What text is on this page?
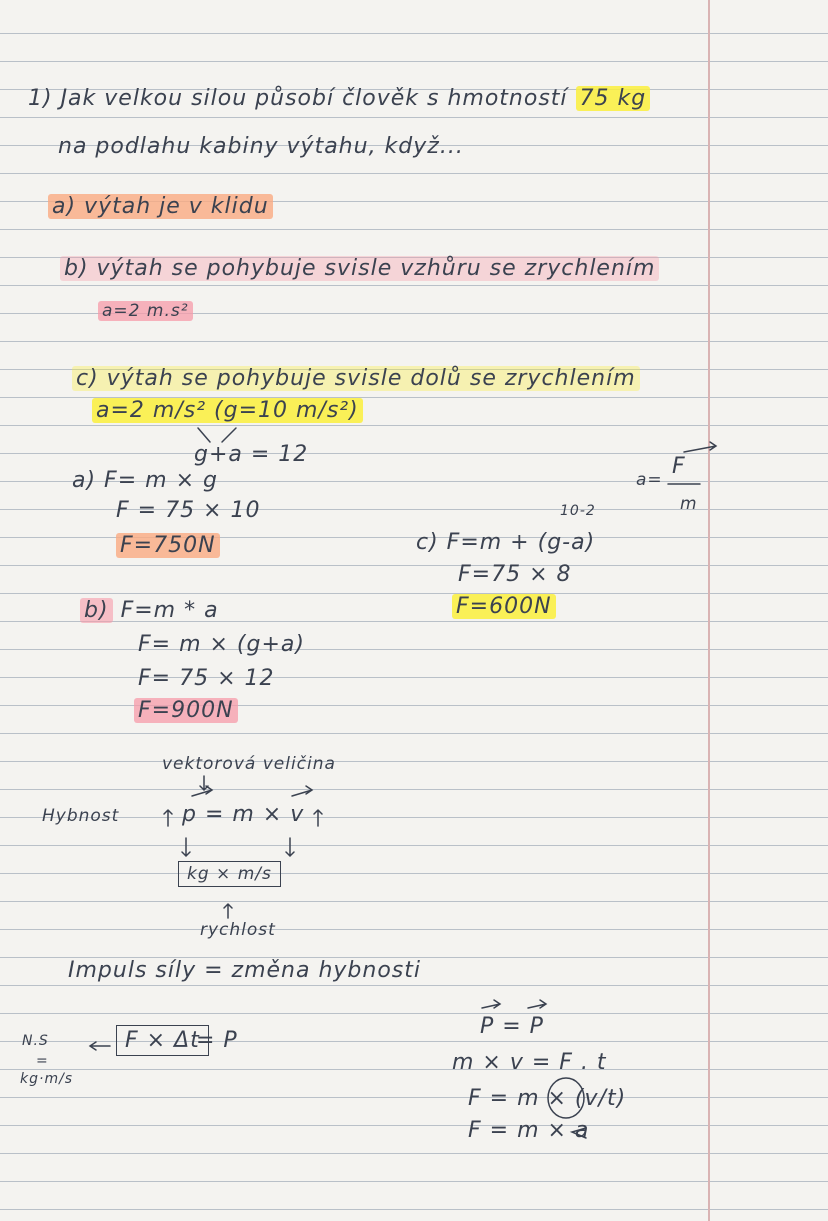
1) Jak velkou silou působí člověk s hmotností 75 kg
na podlahu kabiny výtahu, když...
a) výtah je v klidu
b) výtah se pohybuje svisle vzhůru se zrychlením
a=2 m.s²
c) výtah se pohybuje svisle dolů se zrychlením
a=2 m/s² (g=10 m/s²)
g+a = 12
a) F= m × g
F = 75 × 10
F=750N
a=
F
m
10-2
c) F=m + (g-a)
F=75 × 8
F=600N
b) F=m * a
F= m × (g+a)
F= 75 × 12
F=900N
vektorová veličina
Hybnost	p = m × v
kg × m/s
rychlost
Impuls síly = změna hybnosti
N.S
=
kg·m/s
F × Δt
= P
P = P
m × v = F . t
F = m × (v/t)
F = m × a
